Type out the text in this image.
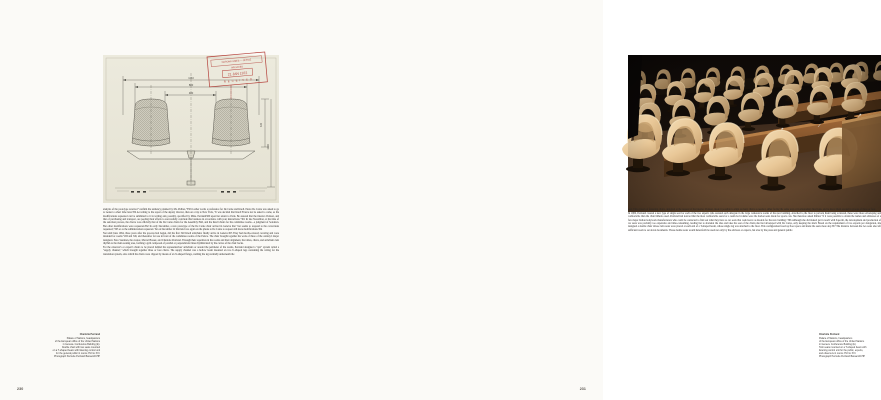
1140
880
480
420
1000
NATIONS UNIES — OFFICE
ARCHIVES
21 JAN 1972
R E C E I V E D

analysis of the prototype received "confirm the tendency planned by Ms. Pulliez,"358 in other words a preference for De Carne and Knoll. Pierre De Carne was asked to go to Geneva a short time later.359 According to the report of the deputy director, then on a trip to New York, "It was decided that Knoll France not be asked to come, as the modifications requested can be submitted to it in writing and, possibly, specified by Mme. Perriand360 upon her return to Paris. Be assured that the interior division, and that of purchasing and transport, are pooling their efforts to successfully conclude this business in accordance with your instructions."361 In late November, at the time of the selection process, the choice was officially that of the De Carne chairs for the Assembly Hall, and the Knoll chairs for the committee rooms—a judgment of Solomon. But other modifications were requested.362 In early December, a new prototype of the De Carne chair arrived in Geneva that "not seems to respond to the corrections requested,"363 or as the administration requested. Yet on December 22 Perriand was again on the phone to De Carne to request still more modifications.364

Not until June 1964, three years after the process had begun, did the first 340 Knoll armchairs finally arrive in Geneva.365 They had mocha-colored covering and were intended for rooms VIII and XII, and thereafter for use in front of the committee rooms of the Palace. The chair brought together the work of three of the century's major designers: Eero Saarinen, the creator, Marcel Breuer, and Charlotte Perriand. Through their repetition in the rooms and their alignment, the tables, chairs, and armchairs lent rhythm to the main seating area, forming a grid composed of parallel or perpendicular lines rhythmicized by the curves of the chair backs.

For the observer's or expert's chairs to be placed behind the representatives' armchairs or around the perimeter of the rooms, Perriand designed a "spit" system called a "supply channel," which brought together three or four chairs. The supply channel was a hollow beam mounted on two U-shaped legs containing the wiring for the translation system, onto which the chairs were clipped by means of an X-shaped flange, welding the leg normally underneath the

Charlotte Perriand
Palace of Nations, headquarters
of the European office of the United Nations
in Geneva. Conference Building (E).
Double chair with two seats mounted
on a T-shaped beam with listening control unit
for the general public in rooms XVII to XXI.
Photograph Perriette Perriand Barsac/ACHP
230

seat. This system of fastening chairs, designed at the request of the interior division, made it possible to align as many chairs as needed, either facing the same way or in alternating directions, and to move them around in groups of three or four.

In 1969, Perriand created a new type of single seat for each of the two experts who assisted each delegate in the large conference rooms of the new building. Attached to the floor to prevent them being scattered, these were more enveloping and comfortable than the chair hitherto used. Perriand had noticed that the most comfortable seats for a restricted volume were the bucket seats made for sports cars. She therefore asked Pulliez "if it were possible to obtain the names and addresses of a few major Italian bodywork manufacturers who could be contacted to find out what they have as car seats that could serve as models for the new building."366 Although she did indeed get in touch with Saporiti, the development and production of car seats was probably too expensive and time-consuming, leading her to abandon the idea and take the seat of the chairs she had developed with De Carne, only keeping the shell. Based on the requirement of two experts per delegation, she designed a double chair whose twin seats were placed at each end of a T-shaped beam, whose single leg was attached to the floor. This configuration freed up floor space and made the seats more airy.367 The distance between the two seats also left sufficient room to set down documents. These double seats would henceforth be used not only by the advisors or experts, but also by the press and general public.

Charlotte Perriand
Palace of Nations, headquarters
of the European office of the United Nations
in Geneva. Conference Building (E).
Twin seats mounted on a T-shaped beam with
listening control unit for the public, experts,
and observers in rooms XVII to XXI.
Photograph Perriette Perriand Barsac/ACHP
231
